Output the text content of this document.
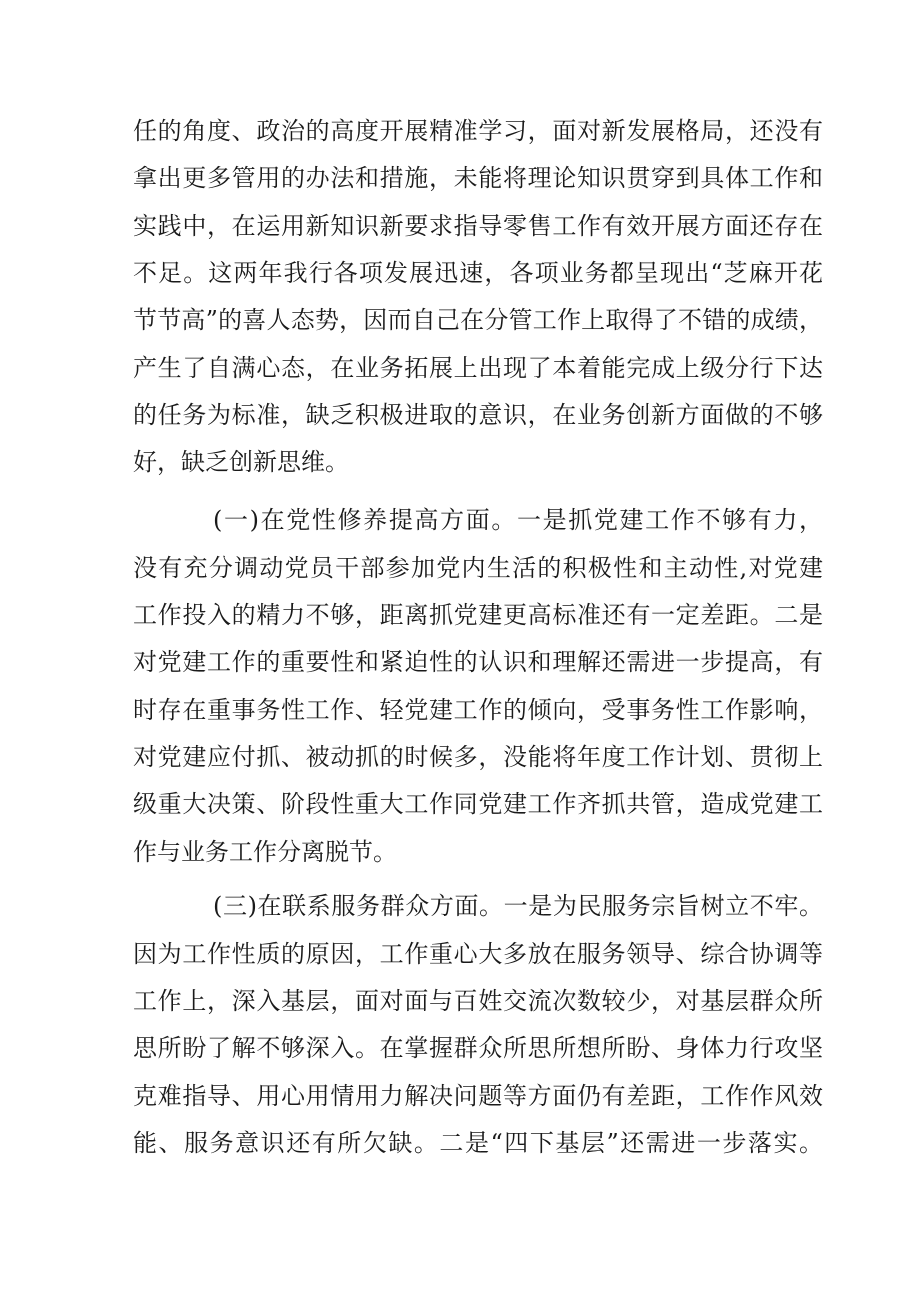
任的角度、政治的高度开展精准学习，面对新发展格局，还没有
拿出更多管用的办法和措施，未能将理论知识贯穿到具体工作和
实践中，在运用新知识新要求指导零售工作有效开展方面还存在
不足。这两年我行各项发展迅速，各项业务都呈现出“芝麻开花
节节高”的喜人态势，因而自己在分管工作上取得了不错的成绩，
产生了自满心态，在业务拓展上出现了本着能完成上级分行下达
的任务为标准，缺乏积极进取的意识，在业务创新方面做的不够
好，缺乏创新思维。
(一)在党性修养提高方面。一是抓党建工作不够有力，
没有充分调动党员干部参加党内生活的积极性和主动性,对党建
工作投入的精力不够，距离抓党建更高标准还有一定差距。二是
对党建工作的重要性和紧迫性的认识和理解还需进一步提高，有
时存在重事务性工作、轻党建工作的倾向，受事务性工作影响，
对党建应付抓、被动抓的时候多，没能将年度工作计划、贯彻上
级重大决策、阶段性重大工作同党建工作齐抓共管，造成党建工
作与业务工作分离脱节。
(三)在联系服务群众方面。一是为民服务宗旨树立不牢。
因为工作性质的原因，工作重心大多放在服务领导、综合协调等
工作上，深入基层，面对面与百姓交流次数较少，对基层群众所
思所盼了解不够深入。在掌握群众所思所想所盼、身体力行攻坚
克难指导、用心用情用力解决问题等方面仍有差距，工作作风效
能、服务意识还有所欠缺。二是“四下基层”还需进一步落实。
